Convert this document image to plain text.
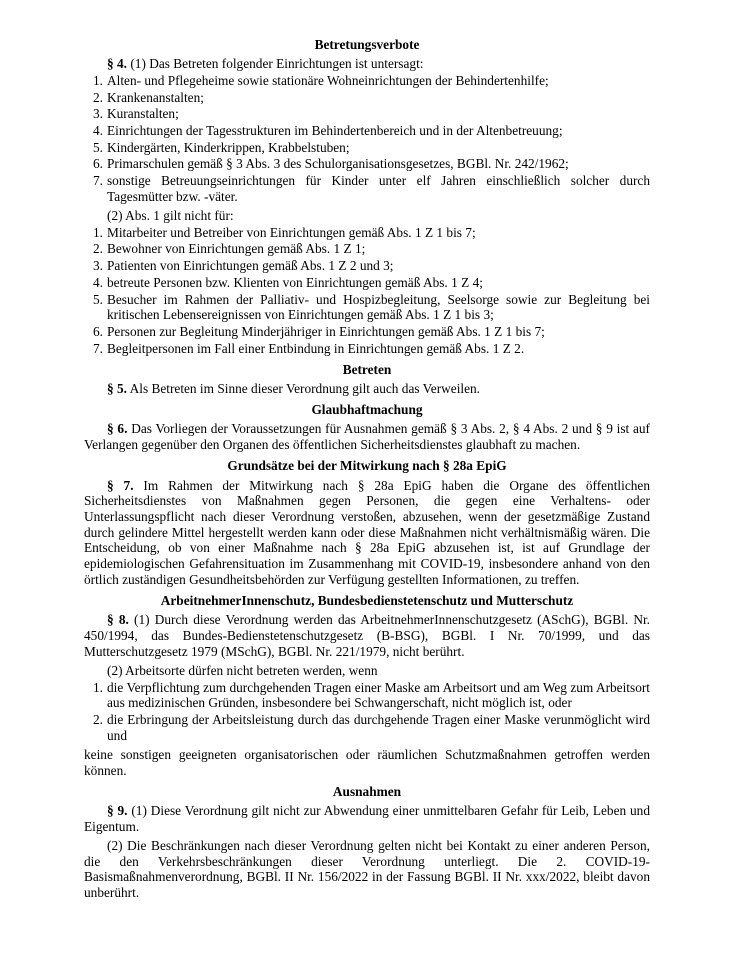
Betretungsverbote

§ 4. (1) Das Betreten folgender Einrichtungen ist untersagt:

1. Alten- und Pflegeheime sowie stationäre Wohneinrichtungen der Behindertenhilfe;
2. Krankenanstalten;
3. Kuranstalten;
4. Einrichtungen der Tagesstrukturen im Behindertenbereich und in der Altenbetreuung;
5. Kindergärten, Kinderkrippen, Krabbelstuben;
6. Primarschulen gemäß § 3 Abs. 3 des Schulorganisationsgesetzes, BGBl. Nr. 242/1962;
7. sonstige Betreuungseinrichtungen für Kinder unter elf Jahren einschließlich solcher durch Tagesmütter bzw. -väter.

(2) Abs. 1 gilt nicht für:

1. Mitarbeiter und Betreiber von Einrichtungen gemäß Abs. 1 Z 1 bis 7;
2. Bewohner von Einrichtungen gemäß Abs. 1 Z 1;
3. Patienten von Einrichtungen gemäß Abs. 1 Z 2 und 3;
4. betreute Personen bzw. Klienten von Einrichtungen gemäß Abs. 1 Z 4;
5. Besucher im Rahmen der Palliativ- und Hospizbegleitung, Seelsorge sowie zur Begleitung bei kritischen Lebensereignissen von Einrichtungen gemäß Abs. 1 Z 1 bis 3;
6. Personen zur Begleitung Minderjähriger in Einrichtungen gemäß Abs. 1 Z 1 bis 7;
7. Begleitpersonen im Fall einer Entbindung in Einrichtungen gemäß Abs. 1 Z 2.
Betreten

§ 5. Als Betreten im Sinne dieser Verordnung gilt auch das Verweilen.

Glaubhaftmachung

§ 6. Das Vorliegen der Voraussetzungen für Ausnahmen gemäß § 3 Abs. 2, § 4 Abs. 2 und § 9 ist auf Verlangen gegenüber den Organen des öffentlichen Sicherheitsdienstes glaubhaft zu machen.

Grundsätze bei der Mitwirkung nach § 28a EpiG

§ 7. Im Rahmen der Mitwirkung nach § 28a EpiG haben die Organe des öffentlichen Sicherheitsdienstes von Maßnahmen gegen Personen, die gegen eine Verhaltens- oder Unterlassungspflicht nach dieser Verordnung verstoßen, abzusehen, wenn der gesetzmäßige Zustand durch gelindere Mittel hergestellt werden kann oder diese Maßnahmen nicht verhältnismäßig wären. Die Entscheidung, ob von einer Maßnahme nach § 28a EpiG abzusehen ist, ist auf Grundlage der epidemiologischen Gefahrensituation im Zusammenhang mit COVID-19, insbesondere anhand von den örtlich zuständigen Gesundheitsbehörden zur Verfügung gestellten Informationen, zu treffen.

ArbeitnehmerInnenschutz, Bundesbedienstetenschutz und Mutterschutz

§ 8. (1) Durch diese Verordnung werden das ArbeitnehmerInnenschutzgesetz (ASchG), BGBl. Nr. 450/1994, das Bundes-Bedienstetenschutzgesetz (B-BSG), BGBl. I Nr. 70/1999, und das Mutterschutzgesetz 1979 (MSchG), BGBl. Nr. 221/1979, nicht berührt.

(2) Arbeitsorte dürfen nicht betreten werden, wenn

1. die Verpflichtung zum durchgehenden Tragen einer Maske am Arbeitsort und am Weg zum Arbeitsort aus medizinischen Gründen, insbesondere bei Schwangerschaft, nicht möglich ist, oder
2. die Erbringung der Arbeitsleistung durch das durchgehende Tragen einer Maske verunmöglicht wird und

keine sonstigen geeigneten organisatorischen oder räumlichen Schutzmaßnahmen getroffen werden können.

Ausnahmen

§ 9. (1) Diese Verordnung gilt nicht zur Abwendung einer unmittelbaren Gefahr für Leib, Leben und Eigentum.

(2) Die Beschränkungen nach dieser Verordnung gelten nicht bei Kontakt zu einer anderen Person, die den Verkehrsbeschränkungen dieser Verordnung unterliegt. Die 2. COVID-19-Basismaßnahmenverordnung, BGBl. II Nr. 156/2022 in der Fassung BGBl. II Nr. xxx/2022, bleibt davon unberührt.
